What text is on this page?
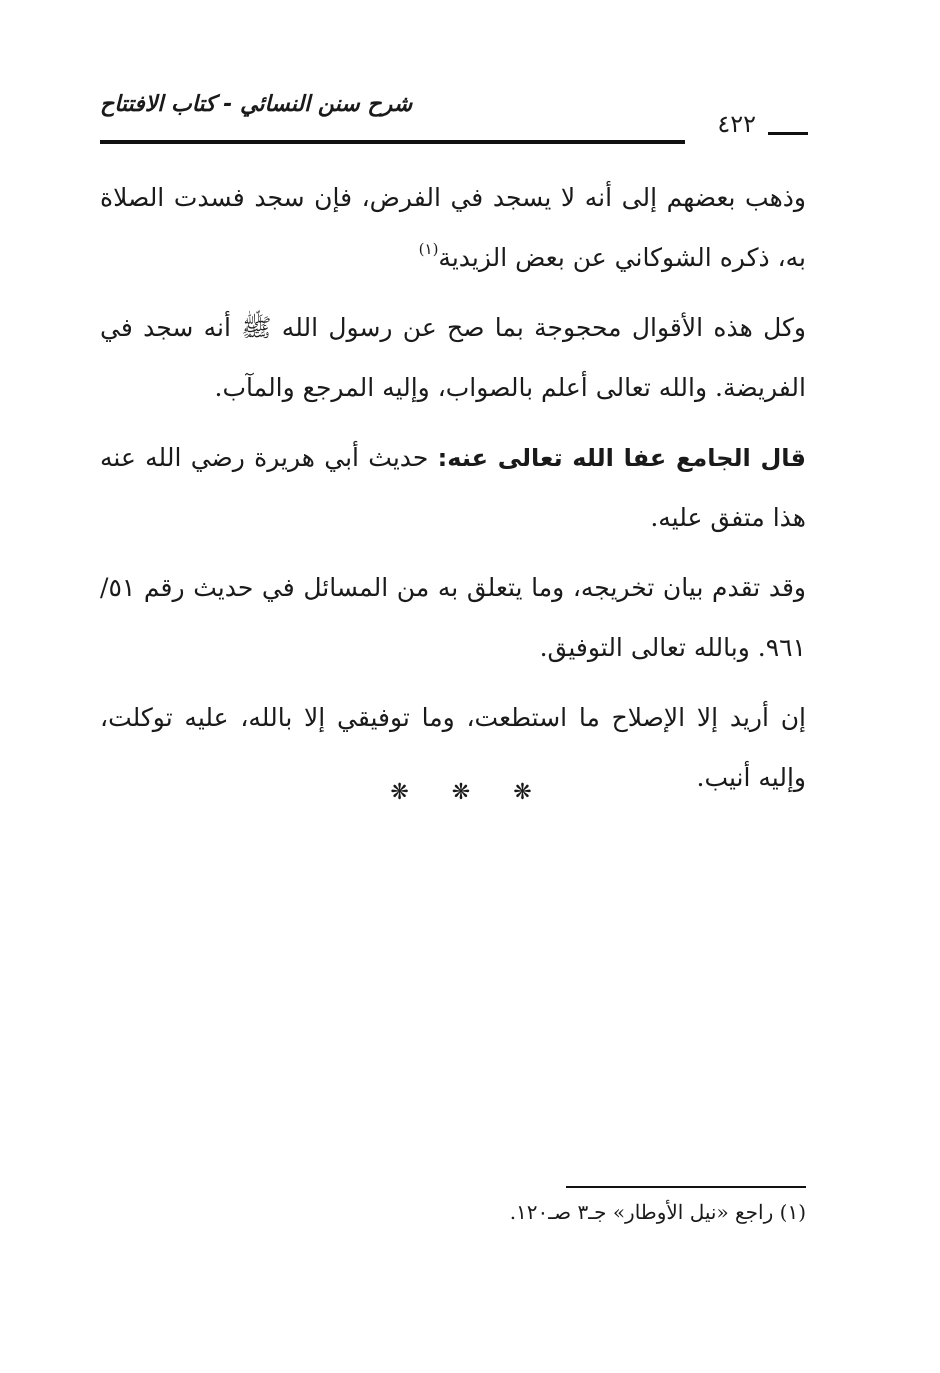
شرح سنن النسائي - كتاب الافتتاح
٤٢٢

وذهب بعضهم إلى أنه لا يسجد في الفرض، فإن سجد فسدت الصلاة به، ذكره الشوكاني عن بعض الزيدية$^{(١)}$

وكل هذه الأقوال محجوجة بما صح عن رسول الله ﷺ أنه سجد في الفريضة. والله تعالى أعلم بالصواب، وإليه المرجع والمآب.

قال الجامع عفا الله تعالى عنه: حديث أبي هريرة رضي الله عنه هذا متفق عليه.

وقد تقدم بيان تخريجه، وما يتعلق به من المسائل في حديث رقم ٥١/ ٩٦١. وبالله تعالى التوفيق.

إن أريد إلا الإصلاح ما استطعت، وما توفيقي إلا بالله، عليه توكلت، وإليه أنيب.

❋ ❋ ❋
(١) راجع «نيل الأوطار» جـ٣ صـ١٢٠.
